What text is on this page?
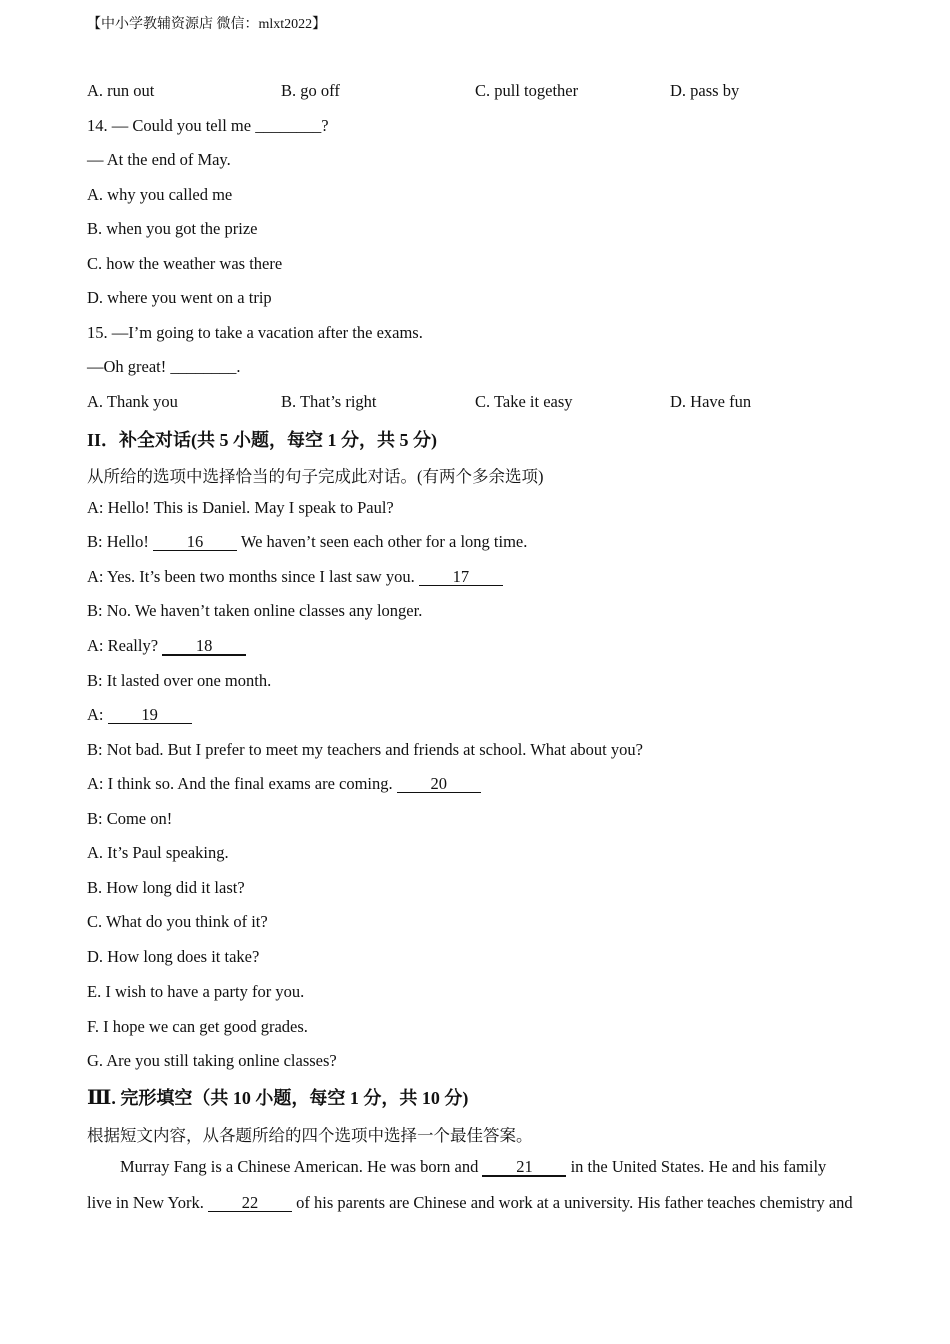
【中小学教辅资源店 微信：mlxt2022】
A. run out	B. go off	C. pull together	D. pass by
14. — Could you tell me ________?
— At the end of May.
A. why you called me
B. when you got the prize
C. how the weather was there
D. where you went on a trip
15. —I’m going to take a vacation after the exams.
—Oh great! ________.
A. Thank you	B. That’s right	C. Take it easy	D. Have fun
II．补全对话(共 5 小题，每空 1 分，共 5 分)
从所给的选项中选择恰当的句子完成此对话。(有两个多余选项)
A: Hello! This is Daniel. May I speak to Paul?
B: Hello! 16 We haven’t seen each other for a long time.
A: Yes. It’s been two months since I last saw you. 17
B: No. We haven’t taken online classes any longer.
A: Really? 18
B: It lasted over one month.
A: 19
B: Not bad. But I prefer to meet my teachers and friends at school. What about you?
A: I think so. And the final exams are coming. 20
B: Come on!
A. It’s Paul speaking.
B. How long did it last?
C. What do you think of it?
D. How long does it take?
E. I wish to have a party for you.
F. I hope we can get good grades.
G. Are you still taking online classes?
Ⅲ. 完形填空（共 10 小题，每空 1 分，共 10 分)
根据短文内容，从各题所给的四个选项中选择一个最佳答案。
Murray Fang is a Chinese American. He was born and 21 in the United States. He and his family
live in New York. 22 of his parents are Chinese and work at a university. His father teaches chemistry and
